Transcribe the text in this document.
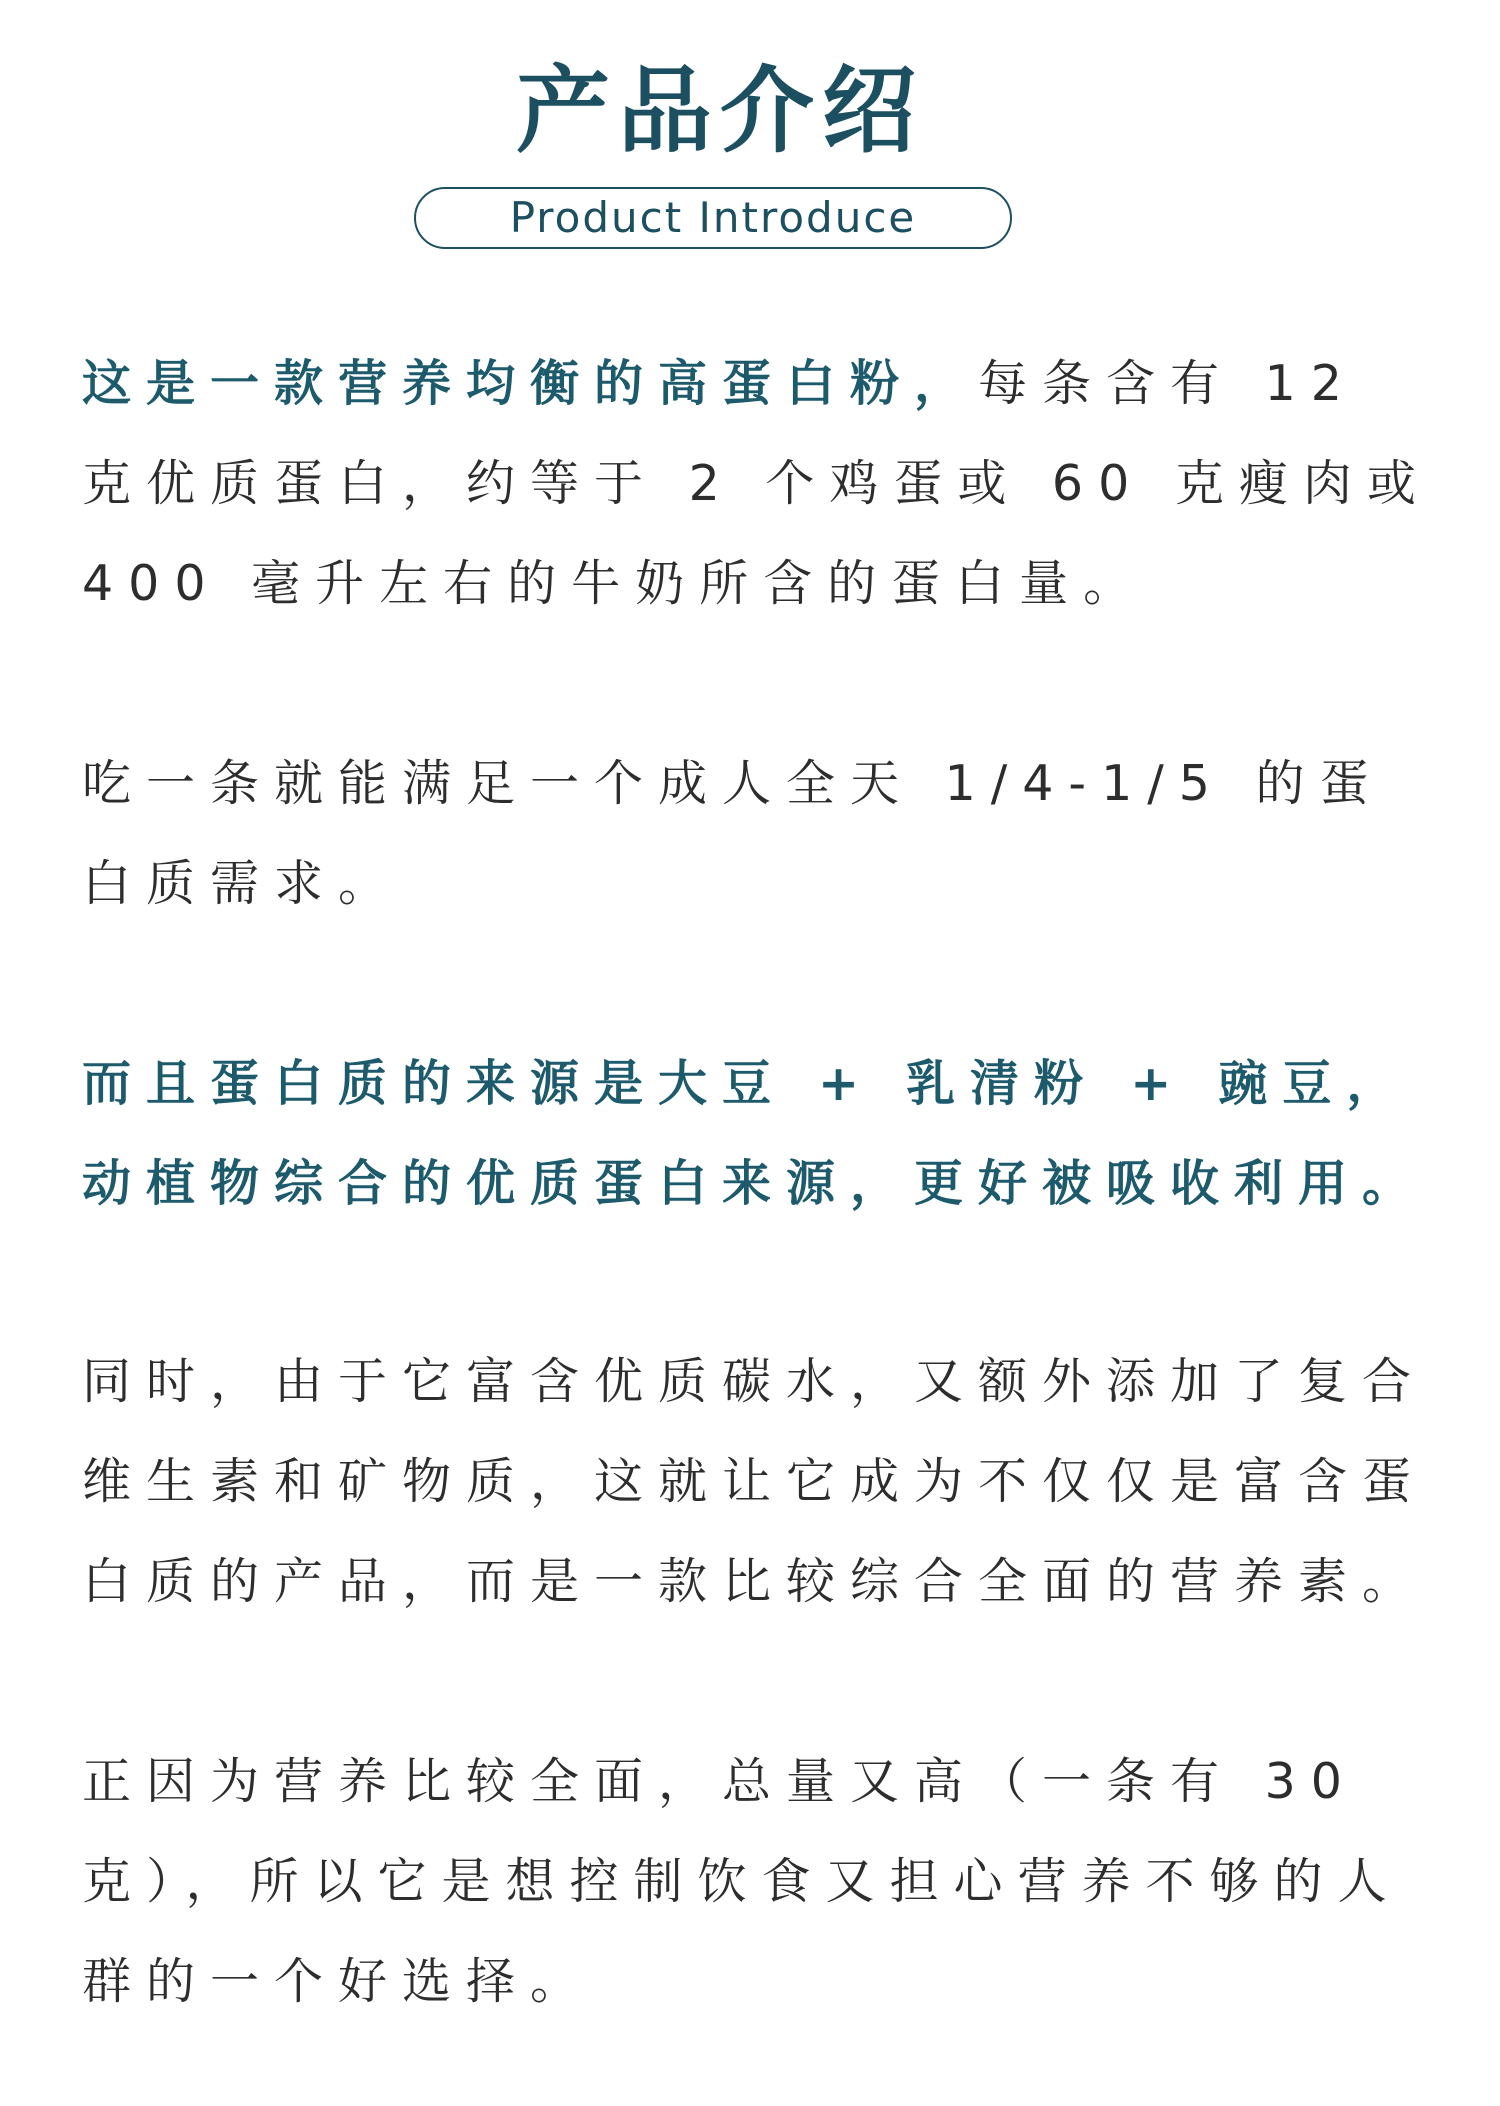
产品介绍
Product Introduce

这是一款营养均衡的高蛋白粉，每条含有 12 克优质蛋白，约等于 2 个鸡蛋或 60 克瘦肉或 400 毫升左右的牛奶所含的蛋白量。

吃一条就能满足一个成人全天 1/4-1/5 的蛋白质需求。

而且蛋白质的来源是大豆 + 乳清粉 + 豌豆，动植物综合的优质蛋白来源，更好被吸收利用。

同时，由于它富含优质碳水，又额外添加了复合维生素和矿物质，这就让它成为不仅仅是富含蛋白质的产品，而是一款比较综合全面的营养素。

正因为营养比较全面，总量又高（一条有 30 克），所以它是想控制饮食又担心营养不够的人群的一个好选择。
